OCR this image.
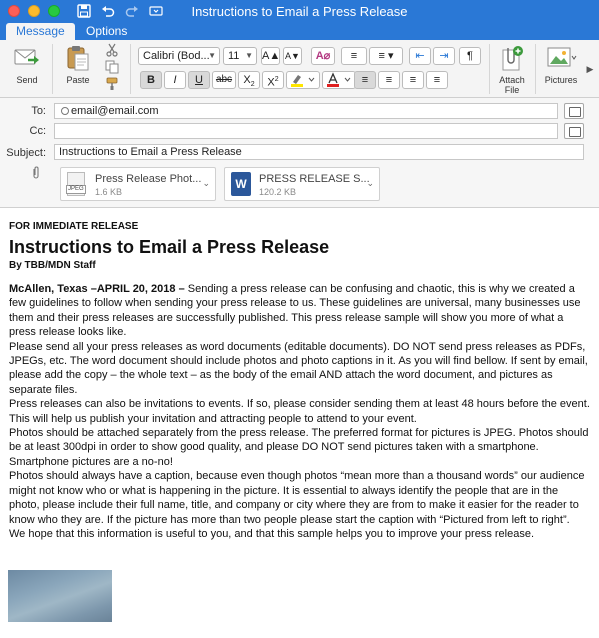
Instructions to Email a Press Release
Message	Options
Send	Paste
Calibri (Bod...
▼	11 ▼ A▲ A▼	A⌀	≡	≡ ▾	⇤	⇥	¶
B	I	U	abc	$X_2$	$X^2$	≡	≡	≡	≡	Attach
File
Pictures
▶
To:	email@email.com
Cc:
Subject:	Instructions to Email a Press Release
JPEG
Press Release Phot...
1.6 KB
⌄	W	PRESS RELEASE S...
120.2 KB
⌄
FOR IMMEDIATE RELEASE
Instructions to Email a Press Release
By TBB/MDN Staff

McAllen, Texas –APRIL 20, 2018 – Sending a press release can be confusing and chaotic, this is why we created a few guidelines to follow when sending your press release to us. These guidelines are universal, many businesses use them and their press releases are successfully published. This press release sample will show you more of what a press release looks like.

Please send all your press releases as word documents (editable documents). DO NOT send press releases as PDFs, JPEGs, etc. The word document should include photos and photo captions in it. As you will find bellow. If sent by email, please add the copy – the whole text – as the body of the email AND attach the word document, and pictures as separate files.

Press releases can also be invitations to events. If so, please consider sending them at least 48 hours before the event. This will help us publish your invitation and attracting people to attend to your event.

Photos should be attached separately from the press release. The preferred format for pictures is JPEG. Photos should be at least 300dpi in order to show good quality, and please DO NOT send pictures taken with a smartphone. Smartphone pictures are a no-no!

Photos should always have a caption, because even though photos “mean more than a thousand words” our audience might not know who or what is happening in the picture. It is essential to always identify the people that are in the photo, please include their full name, title, and company or city where they are from to make it easier for the reader to know who they are. If the picture has more than two people please start the caption with “Pictured from left to right”.

We hope that this information is useful to you, and that this sample helps you to improve your press release.
